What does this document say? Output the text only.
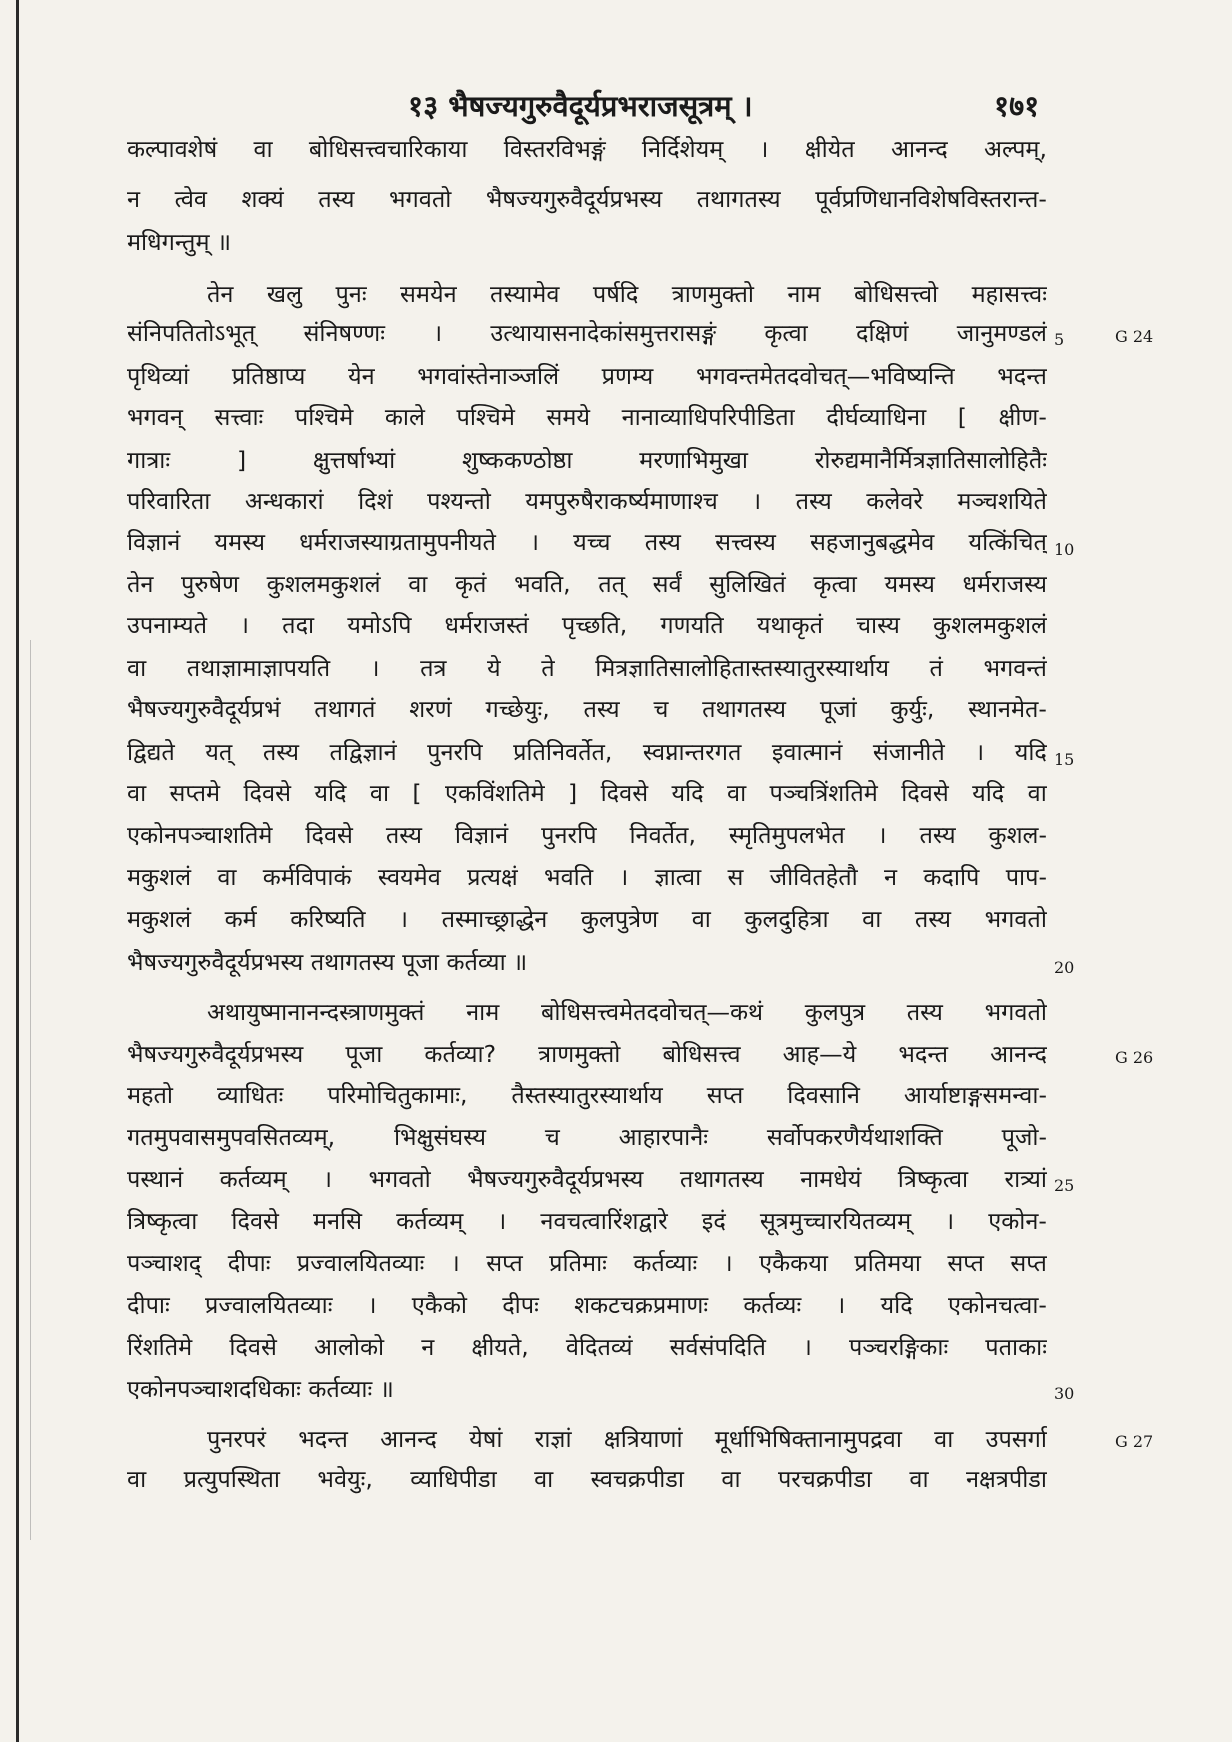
१३ भैषज्यगुरुवैदूर्यप्रभराजसूत्रम् ।	१७१
कल्पावशेषं वा बोधिसत्त्वचारिकाया विस्तरविभङ्गं निर्दिशेयम् । क्षीयेत आनन्द अल्पम्,
न त्वेव शक्यं तस्य भगवतो भैषज्यगुरुवैदूर्यप्रभस्य तथागतस्य पूर्वप्रणिधानविशेषविस्तरान्त-
मधिगन्तुम् ॥
तेन खलु पुनः समयेन तस्यामेव पर्षदि त्राणमुक्तो नाम बोधिसत्त्वो महासत्त्वः
संनिपतितोऽभूत् संनिषण्णः । उत्थायासनादेकांसमुत्तरासङ्गं कृत्वा दक्षिणं जानुमण्डलं
पृथिव्यां प्रतिष्ठाप्य येन भगवांस्तेनाञ्जलिं प्रणम्य भगवन्तमेतदवोचत्—भविष्यन्ति भदन्त
भगवन् सत्त्वाः पश्चिमे काले पश्चिमे समये नानाव्याधिपरिपीडिता दीर्घव्याधिना [ क्षीण-
गात्राः	]	क्षुत्तर्षाभ्यां	शुष्ककण्ठोष्ठा	मरणाभिमुखा	रोरुद्यमानैर्मित्रज्ञातिसालोहितैः
परिवारिता अन्धकारां दिशं पश्यन्तो यमपुरुषैराकर्ष्यमाणाश्च । तस्य कलेवरे मञ्चशयिते
विज्ञानं यमस्य धर्मराजस्याग्रतामुपनीयते । यच्च तस्य सत्त्वस्य सहजानुबद्धमेव यत्किंचित्
तेन पुरुषेण कुशलमकुशलं वा कृतं भवति, तत् सर्वं सुलिखितं कृत्वा यमस्य धर्मराजस्य
उपनाम्यते । तदा यमोऽपि धर्मराजस्तं पृच्छति, गणयति यथाकृतं चास्य कुशलमकुशलं
वा तथाज्ञामाज्ञापयति । तत्र ये ते मित्रज्ञातिसालोहितास्तस्यातुरस्यार्थाय तं भगवन्तं
भैषज्यगुरुवैदूर्यप्रभं तथागतं शरणं गच्छेयुः, तस्य च तथागतस्य पूजां कुर्युः, स्थानमेत-
द्विद्यते यत् तस्य तद्विज्ञानं पुनरपि प्रतिनिवर्तेत, स्वप्नान्तरगत इवात्मानं संजानीते । यदि
वा सप्तमे दिवसे यदि वा [ एकविंशतिमे ] दिवसे यदि वा पञ्चत्रिंशतिमे दिवसे यदि वा
एकोनपञ्चाशतिमे दिवसे तस्य विज्ञानं पुनरपि निवर्तेत, स्मृतिमुपलभेत । तस्य कुशल-
मकुशलं वा कर्मविपाकं स्वयमेव प्रत्यक्षं भवति । ज्ञात्वा स जीवितहेतौ न कदापि पाप-
मकुशलं कर्म करिष्यति । तस्माच्छ्राद्धेन कुलपुत्रेण वा कुलदुहित्रा वा तस्य भगवतो
भैषज्यगुरुवैदूर्यप्रभस्य तथागतस्य पूजा कर्तव्या ॥
अथायुष्मानानन्दस्त्राणमुक्तं नाम बोधिसत्त्वमेतदवोचत्—कथं कुलपुत्र तस्य भगवतो
भैषज्यगुरुवैदूर्यप्रभस्य पूजा कर्तव्या? त्राणमुक्तो बोधिसत्त्व आह—ये भदन्त आनन्द
महतो व्याधितः परिमोचितुकामाः, तैस्तस्यातुरस्यार्थाय सप्त दिवसानि आर्याष्टाङ्गसमन्वा-
गतमुपवासमुपवसितव्यम्,	भिक्षुसंघस्य	च	आहारपानैः	सर्वोपकरणैर्यथाशक्ति	पूजो-
पस्थानं कर्तव्यम् । भगवतो भैषज्यगुरुवैदूर्यप्रभस्य तथागतस्य नामधेयं त्रिष्कृत्वा रात्र्यां
त्रिष्कृत्वा दिवसे मनसि कर्तव्यम् । नवचत्वारिंशद्वारे इदं सूत्रमुच्चारयितव्यम् । एकोन-
पञ्चाशद् दीपाः प्रज्वालयितव्याः । सप्त प्रतिमाः कर्तव्याः । एकैकया प्रतिमया सप्त सप्त
दीपाः प्रज्वालयितव्याः । एकैको दीपः शकटचक्रप्रमाणः कर्तव्यः । यदि एकोनचत्वा-
रिंशतिमे दिवसे आलोको न क्षीयते, वेदितव्यं सर्वसंपदिति । पञ्चरङ्गिकाः पताकाः
एकोनपञ्चाशदधिकाः कर्तव्याः ॥
पुनरपरं भदन्त आनन्द येषां राज्ञां क्षत्रियाणां मूर्धाभिषिक्तानामुपद्रवा वा उपसर्गा
वा प्रत्युपस्थिता भवेयुः, व्याधिपीडा वा स्वचक्रपीडा वा परचक्रपीडा वा नक्षत्रपीडा
5
10
15
20
25
30
G 24
G 26
G 27
